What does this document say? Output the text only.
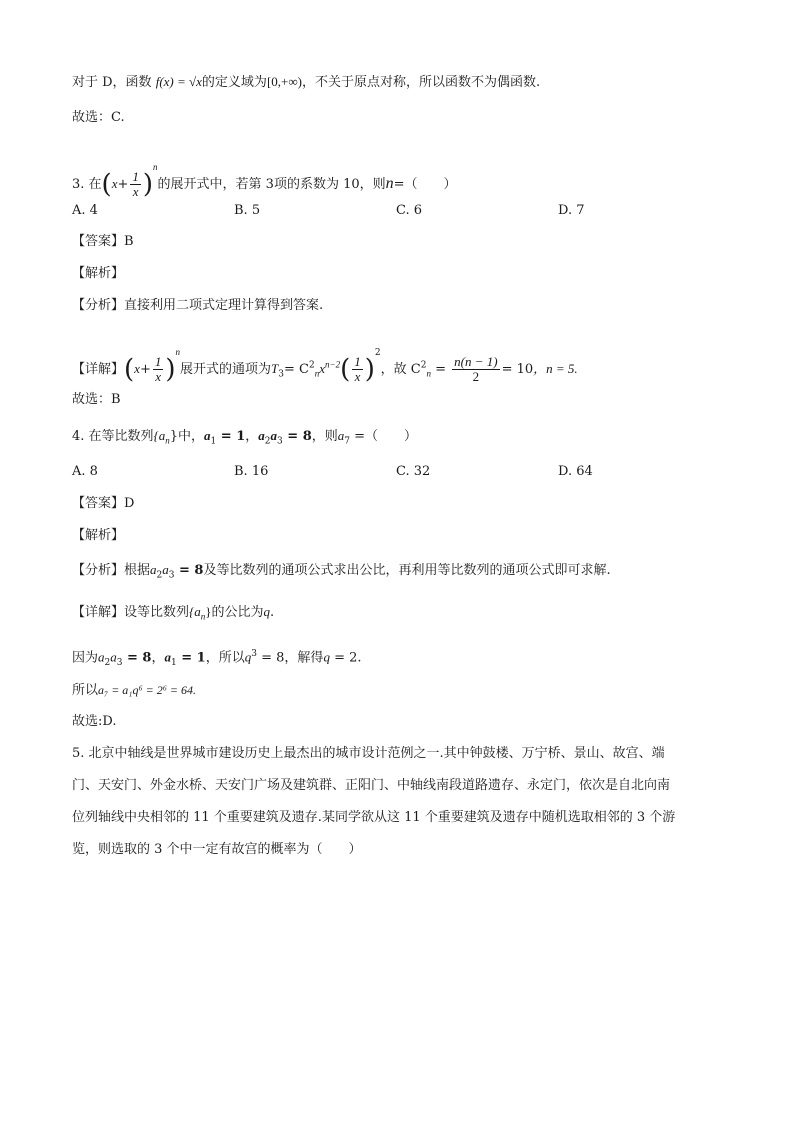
对于 D，函数 f(x) = √x的定义域为[0,+∞)，不关于原点对称，所以函数不为偶函数.
故选：C.
3. 在$(x+ \frac{1}{x} )^n$的展开式中，若第 3项的系数为 10，则n=（　　）
A. 4	B. 5	C. 6	D. 7
【答案】B
【解析】
【分析】直接利用二项式定理计算得到答案.
【详解】$(x+ \frac{1}{x} )^n$展开式的通项为$T_3= C^2_nx^{n-2}( \frac{1}{x} )^2$，故 $C^2_n = \frac{n(n - 1)}{2} = 10$，n = 5.
故选：B
4. 在等比数列$\{a_n\}$中，$a_1 = 1$，$a_2a_3 = 8$，则$a_7$ =（　　）
A. 8	B. 16	C. 32	D. 64
【答案】D
【解析】
【分析】根据$a_2a_3 = 8$及等比数列的通项公式求出公比，再利用等比数列的通项公式即可求解.
【详解】设等比数列$\{a_n\}$的公比为q.
因为$a_2a_3 = 8$，$a_1 = 1$，所以$q^3 = 8$，解得q = 2.
所以a₇ = a₁q⁶ = 2⁶ = 64.
故选:D.
5. 北京中轴线是世界城市建设历史上最杰出的城市设计范例之一.其中钟鼓楼、万宁桥、景山、故宫、端
门、天安门、外金水桥、天安门广场及建筑群、正阳门、中轴线南段道路遗存、永定门，依次是自北向南
位列轴线中央相邻的 11 个重要建筑及遗存.某同学欲从这 11 个重要建筑及遗存中随机选取相邻的 3 个游
览，则选取的 3 个中一定有故宫的概率为（　　）
